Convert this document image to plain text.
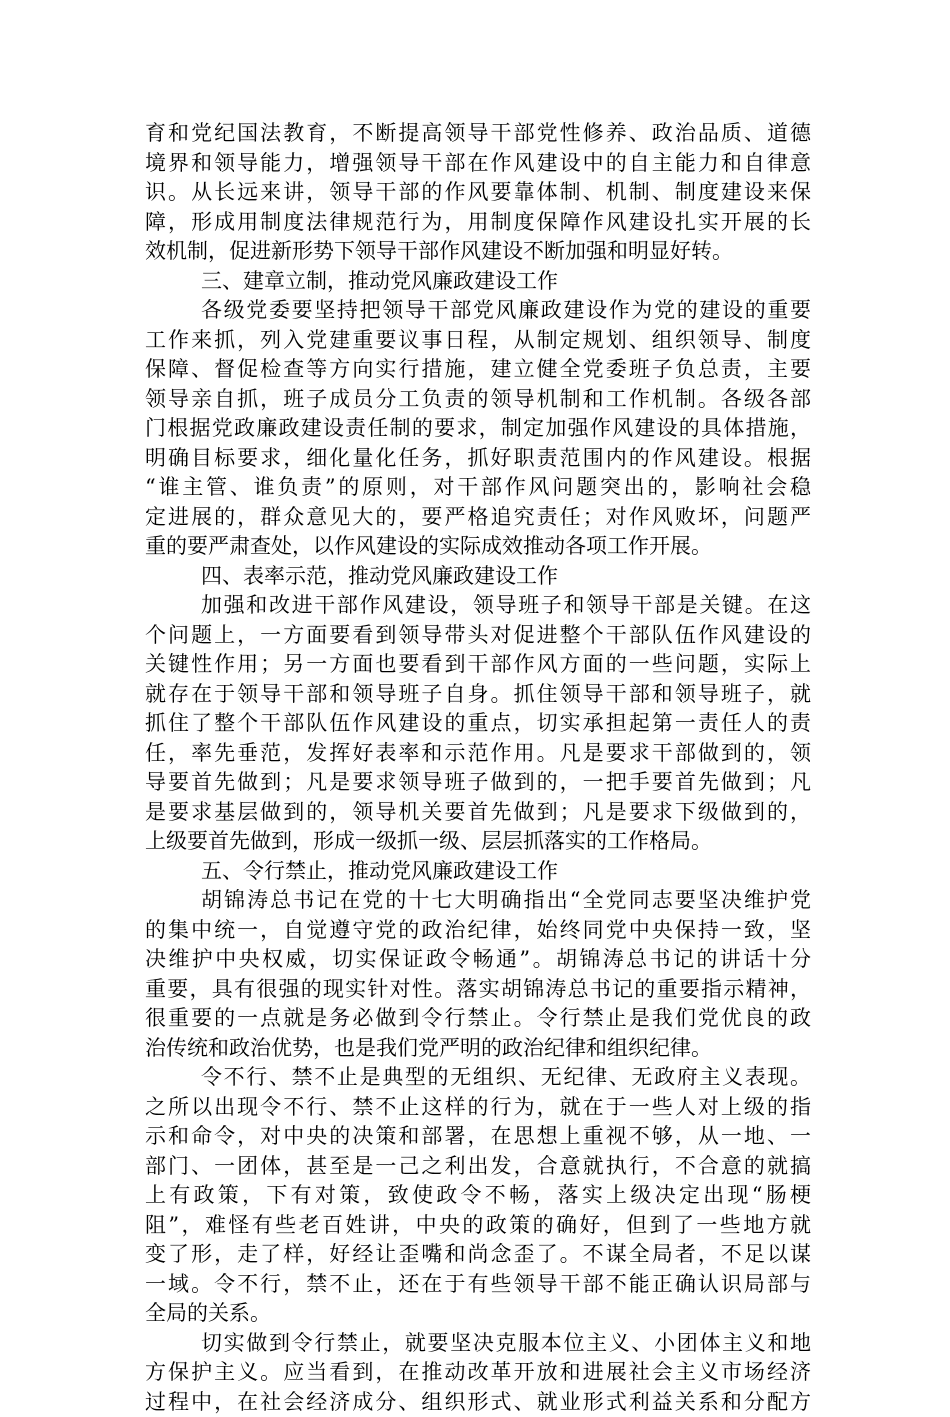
育和党纪国法教育，不断提高领导干部党性修养、政治品质、道德
境界和领导能力，增强领导干部在作风建设中的自主能力和自律意
识。从长远来讲，领导干部的作风要靠体制、机制、制度建设来保
障，形成用制度法律规范行为，用制度保障作风建设扎实开展的长
效机制，促进新形势下领导干部作风建设不断加强和明显好转。
三、建章立制，推动党风廉政建设工作
各级党委要坚持把领导干部党风廉政建设作为党的建设的重要
工作来抓，列入党建重要议事日程，从制定规划、组织领导、制度
保障、督促检查等方向实行措施，建立健全党委班子负总责，主要
领导亲自抓，班子成员分工负责的领导机制和工作机制。各级各部
门根据党政廉政建设责任制的要求，制定加强作风建设的具体措施，
明确目标要求，细化量化任务，抓好职责范围内的作风建设。根据
“谁主管、谁负责”的原则，对干部作风问题突出的，影响社会稳
定进展的，群众意见大的，要严格追究责任；对作风败坏，问题严
重的要严肃查处，以作风建设的实际成效推动各项工作开展。
四、表率示范，推动党风廉政建设工作
加强和改进干部作风建设，领导班子和领导干部是关键。在这
个问题上，一方面要看到领导带头对促进整个干部队伍作风建设的
关键性作用；另一方面也要看到干部作风方面的一些问题，实际上
就存在于领导干部和领导班子自身。抓住领导干部和领导班子，就
抓住了整个干部队伍作风建设的重点，切实承担起第一责任人的责
任，率先垂范，发挥好表率和示范作用。凡是要求干部做到的，领
导要首先做到；凡是要求领导班子做到的，一把手要首先做到；凡
是要求基层做到的，领导机关要首先做到；凡是要求下级做到的，
上级要首先做到，形成一级抓一级、层层抓落实的工作格局。
五、令行禁止，推动党风廉政建设工作
胡锦涛总书记在党的十七大明确指出“全党同志要坚决维护党
的集中统一，自觉遵守党的政治纪律，始终同党中央保持一致，坚
决维护中央权威，切实保证政令畅通”。胡锦涛总书记的讲话十分
重要，具有很强的现实针对性。落实胡锦涛总书记的重要指示精神，
很重要的一点就是务必做到令行禁止。令行禁止是我们党优良的政
治传统和政治优势，也是我们党严明的政治纪律和组织纪律。
令不行、禁不止是典型的无组织、无纪律、无政府主义表现。
之所以出现令不行、禁不止这样的行为，就在于一些人对上级的指
示和命令，对中央的决策和部署，在思想上重视不够，从一地、一
部门、一团体，甚至是一己之利出发，合意就执行，不合意的就搞
上有政策，下有对策，致使政令不畅，落实上级决定出现“肠梗
阻”，难怪有些老百姓讲，中央的政策的确好，但到了一些地方就
变了形，走了样，好经让歪嘴和尚念歪了。不谋全局者，不足以谋
一域。令不行，禁不止，还在于有些领导干部不能正确认识局部与
全局的关系。
切实做到令行禁止，就要坚决克服本位主义、小团体主义和地
方保护主义。应当看到，在推动改革开放和进展社会主义市场经济
过程中，在社会经济成分、组织形式、就业形式利益关系和分配方
